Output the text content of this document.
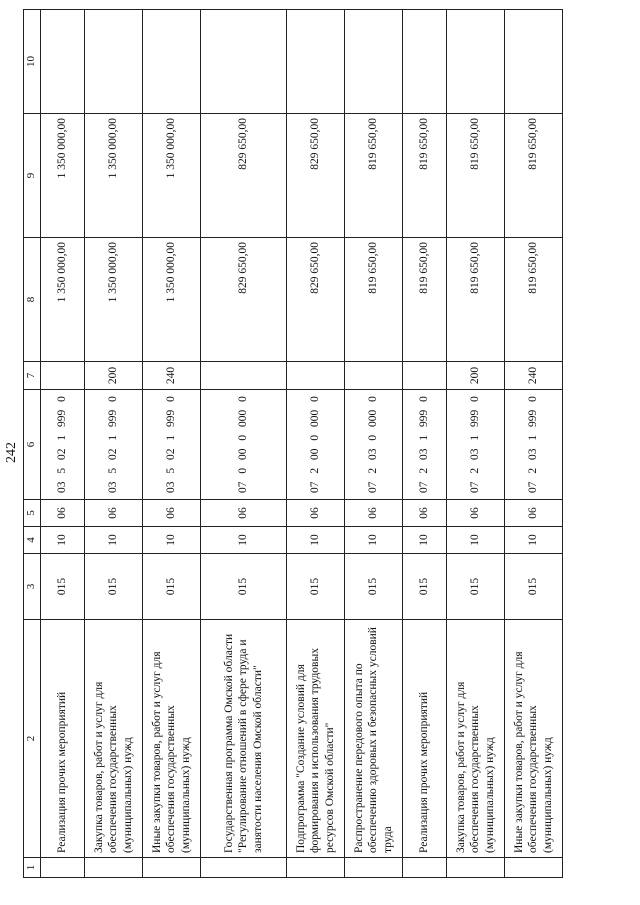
242
1	2	3	4	5	6	7	8	9	10
	Реализация прочих мероприятий	015	10	06	03 5 02 1 999 0		1 350 000,00	1 350 000,00	
	Закупка товаров, работ и услуг для обеспечения государственных (муниципальных) нужд	015	10	06	03 5 02 1 999 0	200	1 350 000,00	1 350 000,00	
	Иные закупки товаров, работ и услуг для обеспечения государственных (муниципальных) нужд	015	10	06	03 5 02 1 999 0	240	1 350 000,00	1 350 000,00	
	Государственная программа Омской области "Регулирование отношений в сфере труда и занятости населения Омской области"	015	10	06	07 0 00 0 000 0		829 650,00	829 650,00	
	Подпрограмма "Создание условий для формирования и использования трудовых ресурсов Омской области"	015	10	06	07 2 00 0 000 0		829 650,00	829 650,00	
	Распространение передового опыта по обеспечению здоровых и безопасных условий труда	015	10	06	07 2 03 0 000 0		819 650,00	819 650,00	
	Реализация прочих мероприятий	015	10	06	07 2 03 1 999 0		819 650,00	819 650,00	
	Закупка товаров, работ и услуг для обеспечения государственных (муниципальных) нужд	015	10	06	07 2 03 1 999 0	200	819 650,00	819 650,00	
	Иные закупки товаров, работ и услуг для обеспечения государственных (муниципальных) нужд	015	10	06	07 2 03 1 999 0	240	819 650,00	819 650,00	
